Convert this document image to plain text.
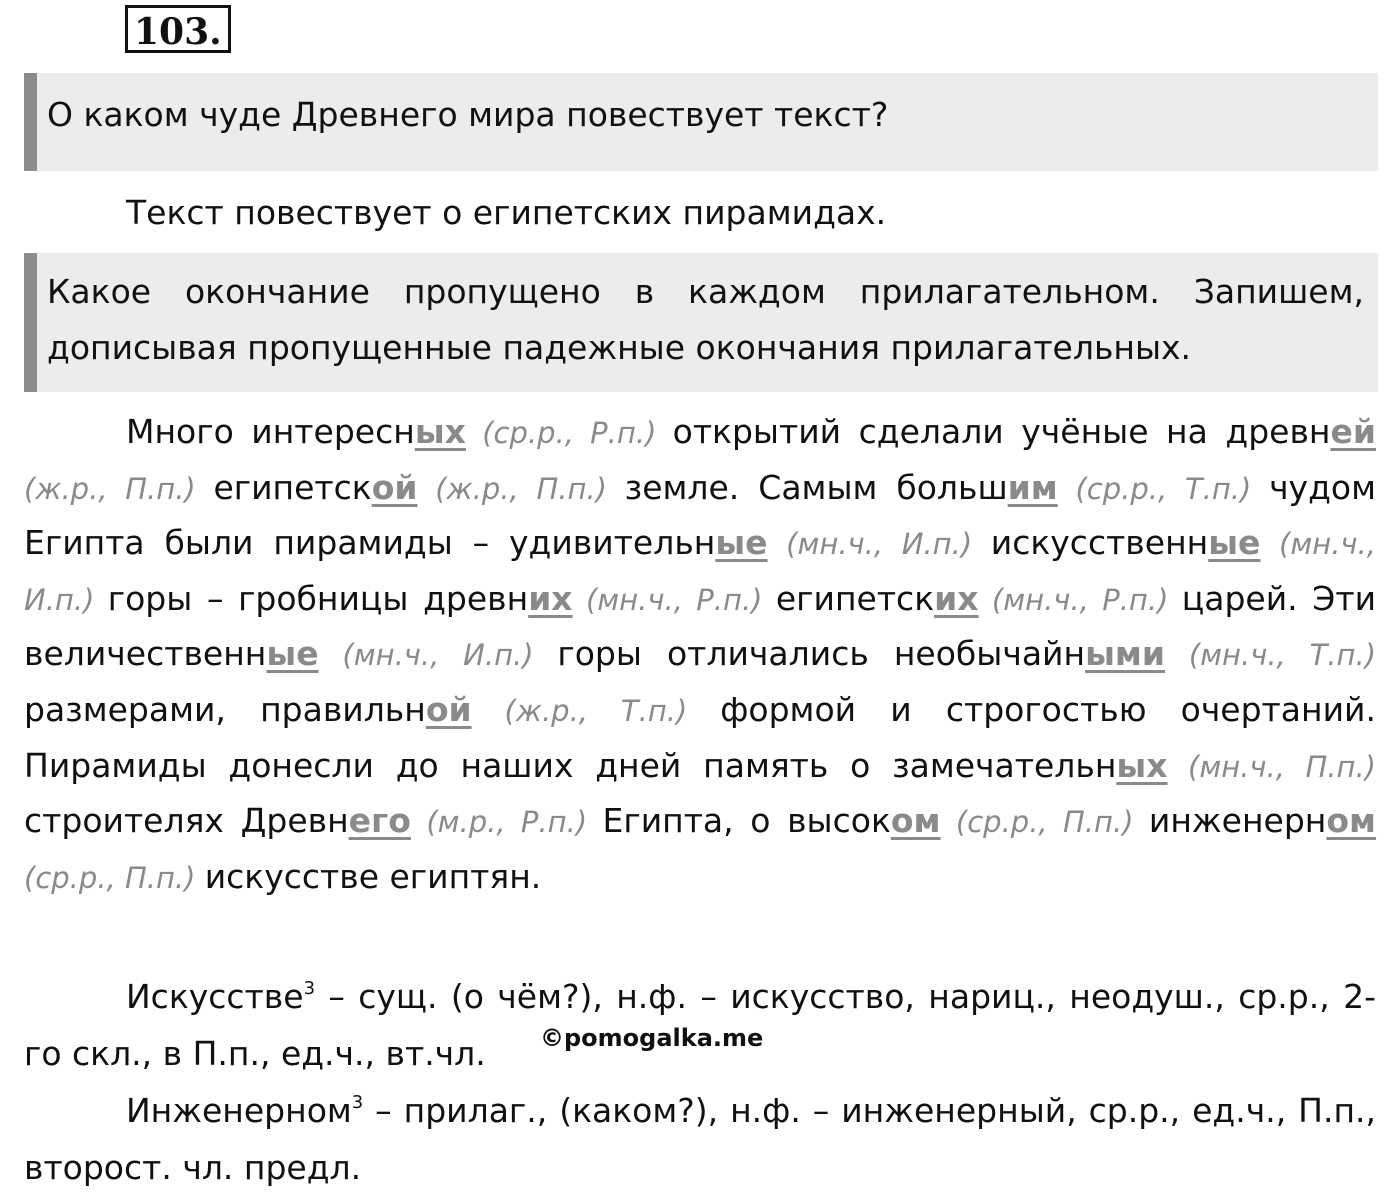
103.
О каком чуде Древнего мира повествует текст?
Текст повествует о египетских пирамидах.
Какое окончание пропущено в каждом прилагательном. Запишем, дописывая пропущенные падежные окончания прилагательных.
Много интересных (ср.р., Р.п.) открытий сделали учёные на древней (ж.р., П.п.) египетской (ж.р., П.п.) земле. Самым большим (ср.р., Т.п.) чудом Египта были пирамиды – удивительные (мн.ч., И.п.) искусственные (мн.ч., И.п.) горы – гробницы древних (мн.ч., Р.п.) египетских (мн.ч., Р.п.) царей. Эти величественные (мн.ч., И.п.) горы отличались необычайными (мн.ч., Т.п.) размерами, правильной (ж.р., Т.п.) формой и строгостью очертаний. Пирамиды донесли до наших дней память о замечательных (мн.ч., П.п.) строителях Древнего (м.р., Р.п.) Египта, о высоком (ср.р., П.п.) инженерном (ср.р., П.п.) искусстве египтян.
Искусстве$^3$ – сущ. (о чём?), н.ф. – искусство, нариц., неодуш., ср.р., 2-го скл., в П.п., ед.ч., вт.чл.
Инженерном$^3$ – прилаг., (каком?), н.ф. – инженерный, ср.р., ед.ч., П.п., второст. чл. предл.
©pomogalka.me
